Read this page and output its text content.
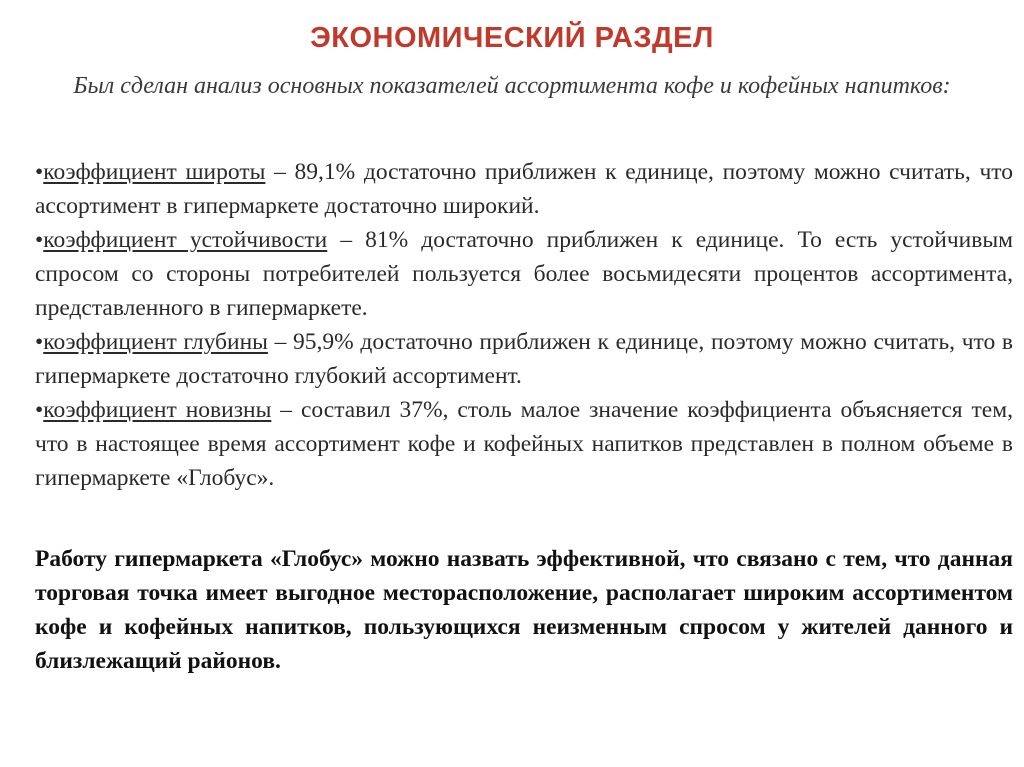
ЭКОНОМИЧЕСКИЙ РАЗДЕЛ
Был сделан анализ основных показателей ассортимента кофе и кофейных напитков:

•коэффициент широты – 89,1% достаточно приближен к единице, поэтому можно считать, что ассортимент в гипермаркете достаточно широкий.

•коэффициент устойчивости – 81% достаточно приближен к единице. То есть устойчивым спросом со стороны потребителей пользуется более восьмидесяти процентов ассортимента, представленного в гипермаркете.

•коэффициент глубины – 95,9% достаточно приближен к единице, поэтому можно считать, что в гипермаркете достаточно глубокий ассортимент.

•коэффициент новизны – составил 37%, столь малое значение коэффициента объясняется тем, что в настоящее время ассортимент кофе и кофейных напитков представлен в полном объеме в гипермаркете «Глобус».

Работу гипермаркета «Глобус» можно назвать эффективной, что связано с тем, что данная торговая точка имеет выгодное месторасположение, располагает широким ассортиментом кофе и кофейных напитков, пользующихся неизменным спросом у жителей данного и близлежащий районов.
